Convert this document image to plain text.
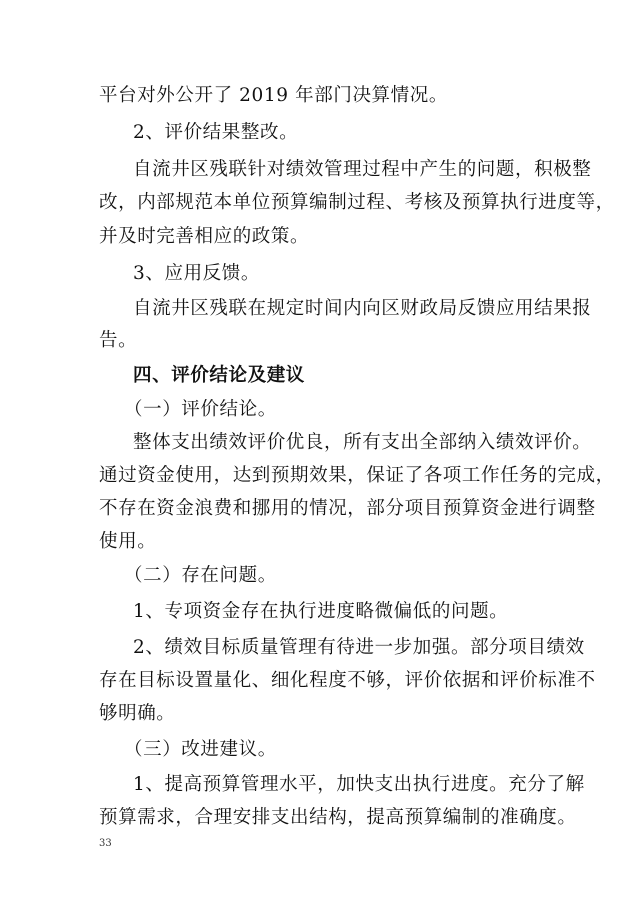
平台对外公开了 2019 年部门决算情况。
2、评价结果整改。
自流井区残联针对绩效管理过程中产生的问题，积极整
改，内部规范本单位预算编制过程、考核及预算执行进度等，
并及时完善相应的政策。
3、应用反馈。
自流井区残联在规定时间内向区财政局反馈应用结果报
告。
四、评价结论及建议
（一）评价结论。
整体支出绩效评价优良，所有支出全部纳入绩效评价。
通过资金使用，达到预期效果，保证了各项工作任务的完成，
不存在资金浪费和挪用的情况，部分项目预算资金进行调整
使用。
（二）存在问题。
1、专项资金存在执行进度略微偏低的问题。
2、绩效目标质量管理有待进一步加强。部分项目绩效
存在目标设置量化、细化程度不够，评价依据和评价标准不
够明确。
（三）改进建议。
1、提高预算管理水平，加快支出执行进度。充分了解
预算需求，合理安排支出结构，提高预算编制的准确度。
33
